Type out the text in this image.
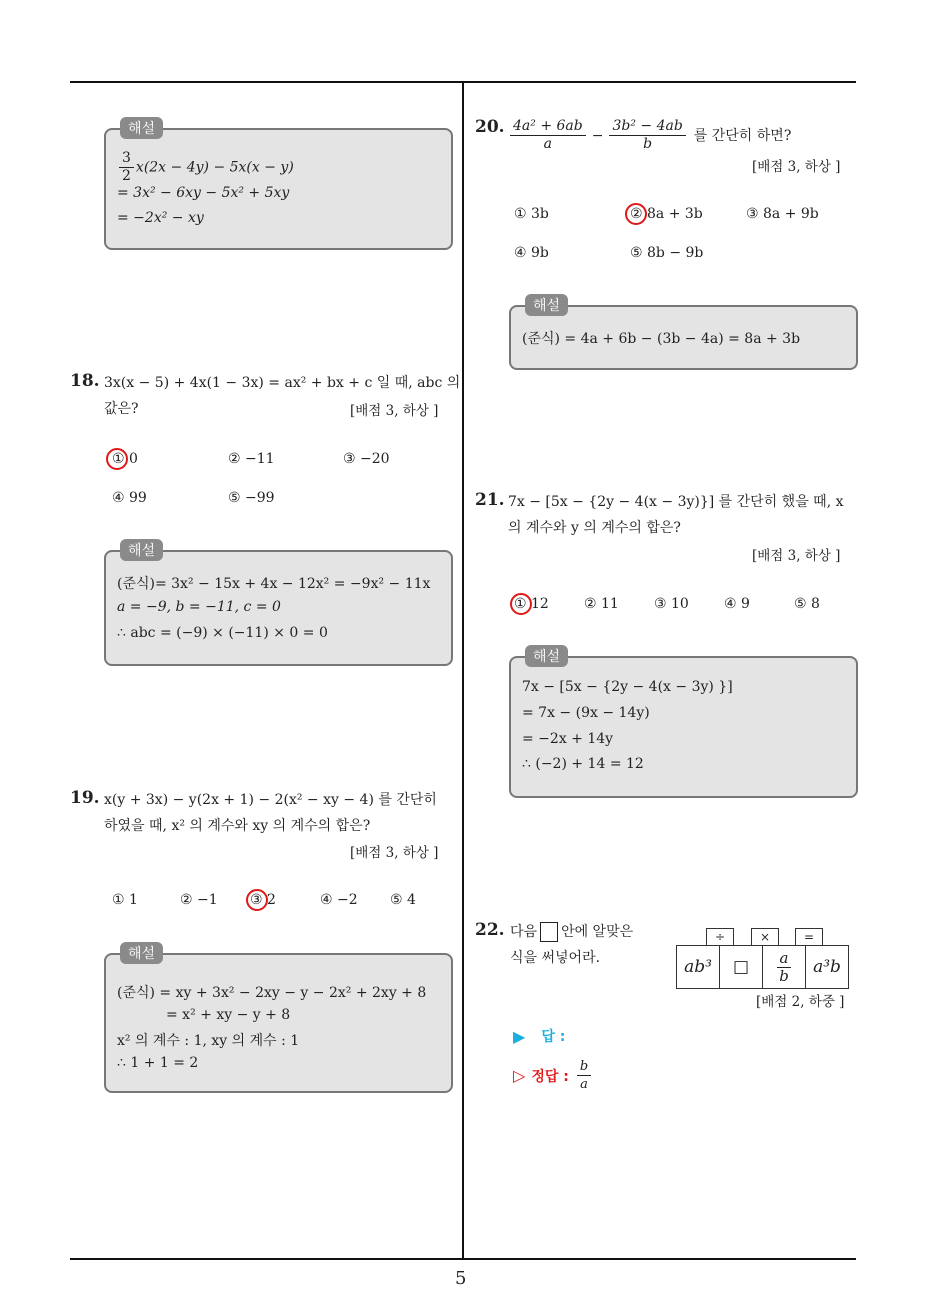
5
해설
$\frac{3}{2} x(2x - 4y) - 5x(x - y)$
= 3x² − 6xy − 5x² + 5xy
= −2x² − xy
18. 3x(x − 5) + 4x(1 − 3x) = ax² + bx + c 일 때, abc 의
값은?	[배점 3, 하상 ]
① 0	② −11	③ −20
④ 99	⑤ −99
해설
(준식)= 3x² − 15x + 4x − 12x² = −9x² − 11x
a = −9, b = −11, c = 0
∴ abc = (−9) × (−11) × 0 = 0
19. x(y + 3x) − y(2x + 1) − 2(x² − xy − 4) 를 간단히
하였을 때, x² 의 계수와 xy 의 계수의 합은?
[배점 3, 하상 ]
① 1	② −1 ③ 2	④ −2 ⑤ 4
해설
(준식) = xy + 3x² − 2xy − y − 2x² + 2xy + 8
= x² + xy − y + 8
x² 의 계수 : 1, xy 의 계수 : 1
∴ 1 + 1 = 2
20. $\frac{\text{4a² + 6ab}}{a} - \frac{\text{3b² − 4ab}}{b}$ 를 간단히 하면?
[배점 3, 하상 ]
① 3b	② 8a + 3b	③ 8a + 9b
④ 9b	⑤ 8b − 9b
해설
(준식) = 4a + 6b − (3b − 4a) = 8a + 3b
21. 7x − [5x − {2y − 4(x − 3y)}] 를 간단히 했을 때, x
의 계수와 y 의 계수의 합은?
[배점 3, 하상 ]
① 12	② 11	③ 10	④ 9	⑤ 8
해설
7x − [5x − {2y − 4(x − 3y) }]
= 7x − (9x − 14y)
= −2x + 14y
∴ (−2) + 14 = 12
22. 다음 안에 알맞은
식을 써넣어라.
÷	×	=
ab³	□	$\frac{a}{b}$	a³b
[배점 2, 하중 ]
▶ 답 :
▷ 정답 : $\frac{b}{a}$
